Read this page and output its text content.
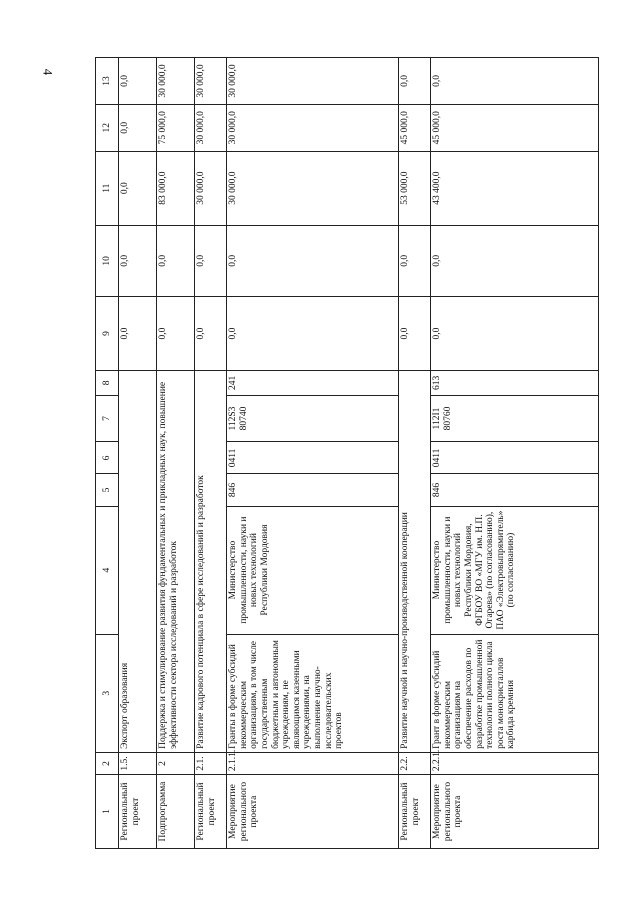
4
1	2	3	4	5	6	7	8	9	10	11	12	13
Региональный проект	1.5.	Экспорт образования						0,0	0,0	0,0	0,0	0,0
Подпрограмма	2	Поддержка и стимулирование развития фундаментальных и прикладных наук, повышение эффективности сектора исследований и разработок						0,0	0,0	83 000,0	75 000,0	30 000,0
Региональный проект	2.1.	Развитие кадрового потенциала в сфере исследований и разработок						0,0	0,0	30 000,0	30 000,0	30 000,0
Мероприятие регионального проекта	2.1.1.	Гранты в форме субсидий некоммерческим организациям, в том числе государственным бюджетным и автономным учреждениям, не являющимся казенными учреждениями, на выполнение научно-исследовательских проектов	Министерство промышленности, науки и новых технологий Республики Мордовия	846	0411	112S3 80740	241	0,0	0,0	30 000,0	30 000,0	30 000,0
Региональный проект	2.2.	Развитие научной и научно-производственной кооперации						0,0	0,0	53 000,0	45 000,0	0,0
Мероприятие регионального проекта	2.2.1.	Грант в форме субсидий некоммерческим организациям на обеспечение расходов по разработке промышленной технологии полного цикла роста монокристаллов карбида кремния	Министерство промышленности, науки и новых технологий Республики Мордовия, ФГБОУ ВО «МГУ им. Н.П. Огарева» (по согласованию), ПАО «Электровыпрямитель» (по согласованию)	846	0411	112I1 80760	613	0,0	0,0	43 400,0	45 000,0	0,0
